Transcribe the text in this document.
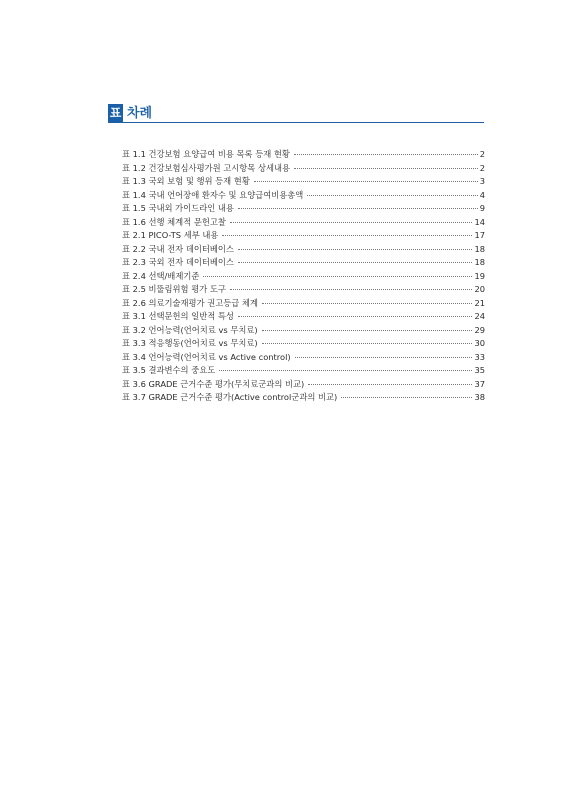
표 차례
표 1.1 건강보험 요양급여 비용 목록 등재 현황	2
표 1.2 건강보험심사평가원 고시항목 상세내용	2
표 1.3 국외 보험 및 행위 등재 현황	3
표 1.4 국내 언어장애 환자수 및 요양급여비용총액	4
표 1.5 국내외 가이드라인 내용	9
표 1.6 선행 체계적 문헌고찰	14
표 2.1 PICO-TS 세부 내용	17
표 2.2 국내 전자 데이터베이스	18
표 2.3 국외 전자 데이터베이스	18
표 2.4 선택/배제기준	19
표 2.5 비뚤림위험 평가 도구	20
표 2.6 의료기술재평가 권고등급 체계	21
표 3.1 선택문헌의 일반적 특성	24
표 3.2 언어능력(언어치료 vs 무치료)	29
표 3.3 적응행동(언어치료 vs 무치료)	30
표 3.4 언어능력(언어치료 vs Active control)	33
표 3.5 결과변수의 중요도	35
표 3.6 GRADE 근거수준 평가(무치료군과의 비교)	37
표 3.7 GRADE 근거수준 평가(Active control군과의 비교)	38
